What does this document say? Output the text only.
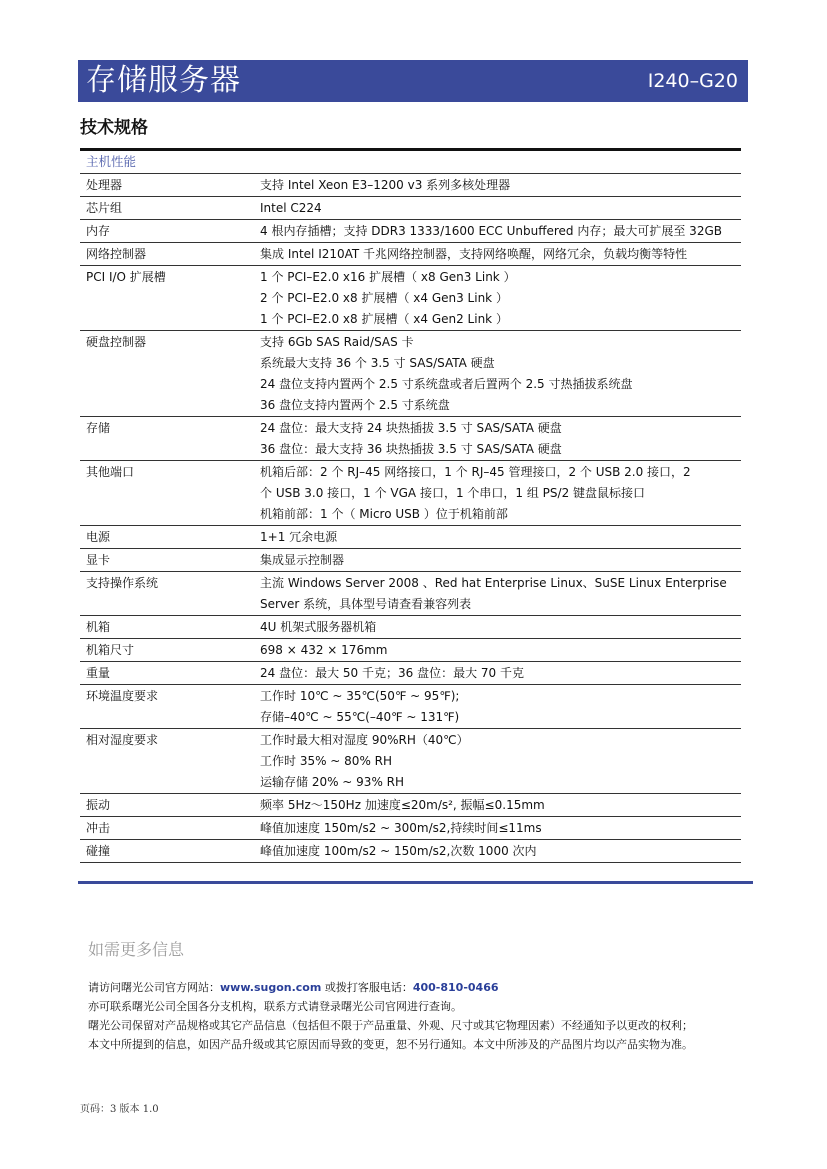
存储服务器	I240–G20
技术规格
主机性能
处理器	支持 Intel Xeon E3–1200 v3 系列多核处理器
芯片组	Intel C224
内存	4 根内存插槽；支持 DDR3 1333/1600 ECC Unbuffered 内存；最大可扩展至 32GB
网络控制器	集成 Intel I210AT 千兆网络控制器，支持网络唤醒，网络冗余，负载均衡等特性
PCI I/O 扩展槽	1 个 PCI–E2.0 x16 扩展槽（ x8 Gen3 Link ）
2 个 PCI–E2.0 x8 扩展槽（ x4 Gen3 Link ）
1 个 PCI–E2.0 x8 扩展槽（ x4 Gen2 Link ）
硬盘控制器	支持 6Gb SAS Raid/SAS 卡
系统最大支持 36 个 3.5 寸 SAS/SATA 硬盘
24 盘位支持内置两个 2.5 寸系统盘或者后置两个 2.5 寸热插拔系统盘
36 盘位支持内置两个 2.5 寸系统盘
存储	24 盘位：最大支持 24 块热插拔 3.5 寸 SAS/SATA 硬盘
36 盘位：最大支持 36 块热插拔 3.5 寸 SAS/SATA 硬盘
其他端口	机箱后部：2 个 RJ–45 网络接口，1 个 RJ–45 管理接口，2 个 USB 2.0 接口，2
个 USB 3.0 接口，1 个 VGA 接口，1 个串口，1 组 PS/2 键盘鼠标接口
机箱前部：1 个（ Micro USB ）位于机箱前部
电源	1+1 冗余电源
显卡	集成显示控制器
支持操作系统	主流 Windows Server 2008 、Red hat Enterprise Linux、SuSE Linux Enterprise
Server 系统，具体型号请查看兼容列表
机箱	4U 机架式服务器机箱
机箱尺寸	698 × 432 × 176mm
重量	24 盘位：最大 50 千克；36 盘位：最大 70 千克
环境温度要求	工作时 10℃ ~ 35℃(50℉ ~ 95℉);
存储–40℃ ~ 55℃(–40℉ ~ 131℉)
相对湿度要求	工作时最大相对湿度 90%RH（40℃）
工作时 35% ~ 80% RH
运输存储 20% ~ 93% RH
振动	频率 5Hz～150Hz 加速度≤20m/s², 振幅≤0.15mm
冲击	峰值加速度 150m/s2 ~ 300m/s2,持续时间≤11ms
碰撞	峰值加速度 100m/s2 ~ 150m/s2,次数 1000 次内
如需更多信息
请访问曙光公司官方网站：www.sugon.com 或拨打客服电话：400-810-0466
亦可联系曙光公司全国各分支机构，联系方式请登录曙光公司官网进行查询。
曙光公司保留对产品规格或其它产品信息（包括但不限于产品重量、外观、尺寸或其它物理因素）不经通知予以更改的权利；
本文中所提到的信息，如因产品升级或其它原因而导致的变更，恕不另行通知。本文中所涉及的产品图片均以产品实物为准。
页码：3 版本 1.0
